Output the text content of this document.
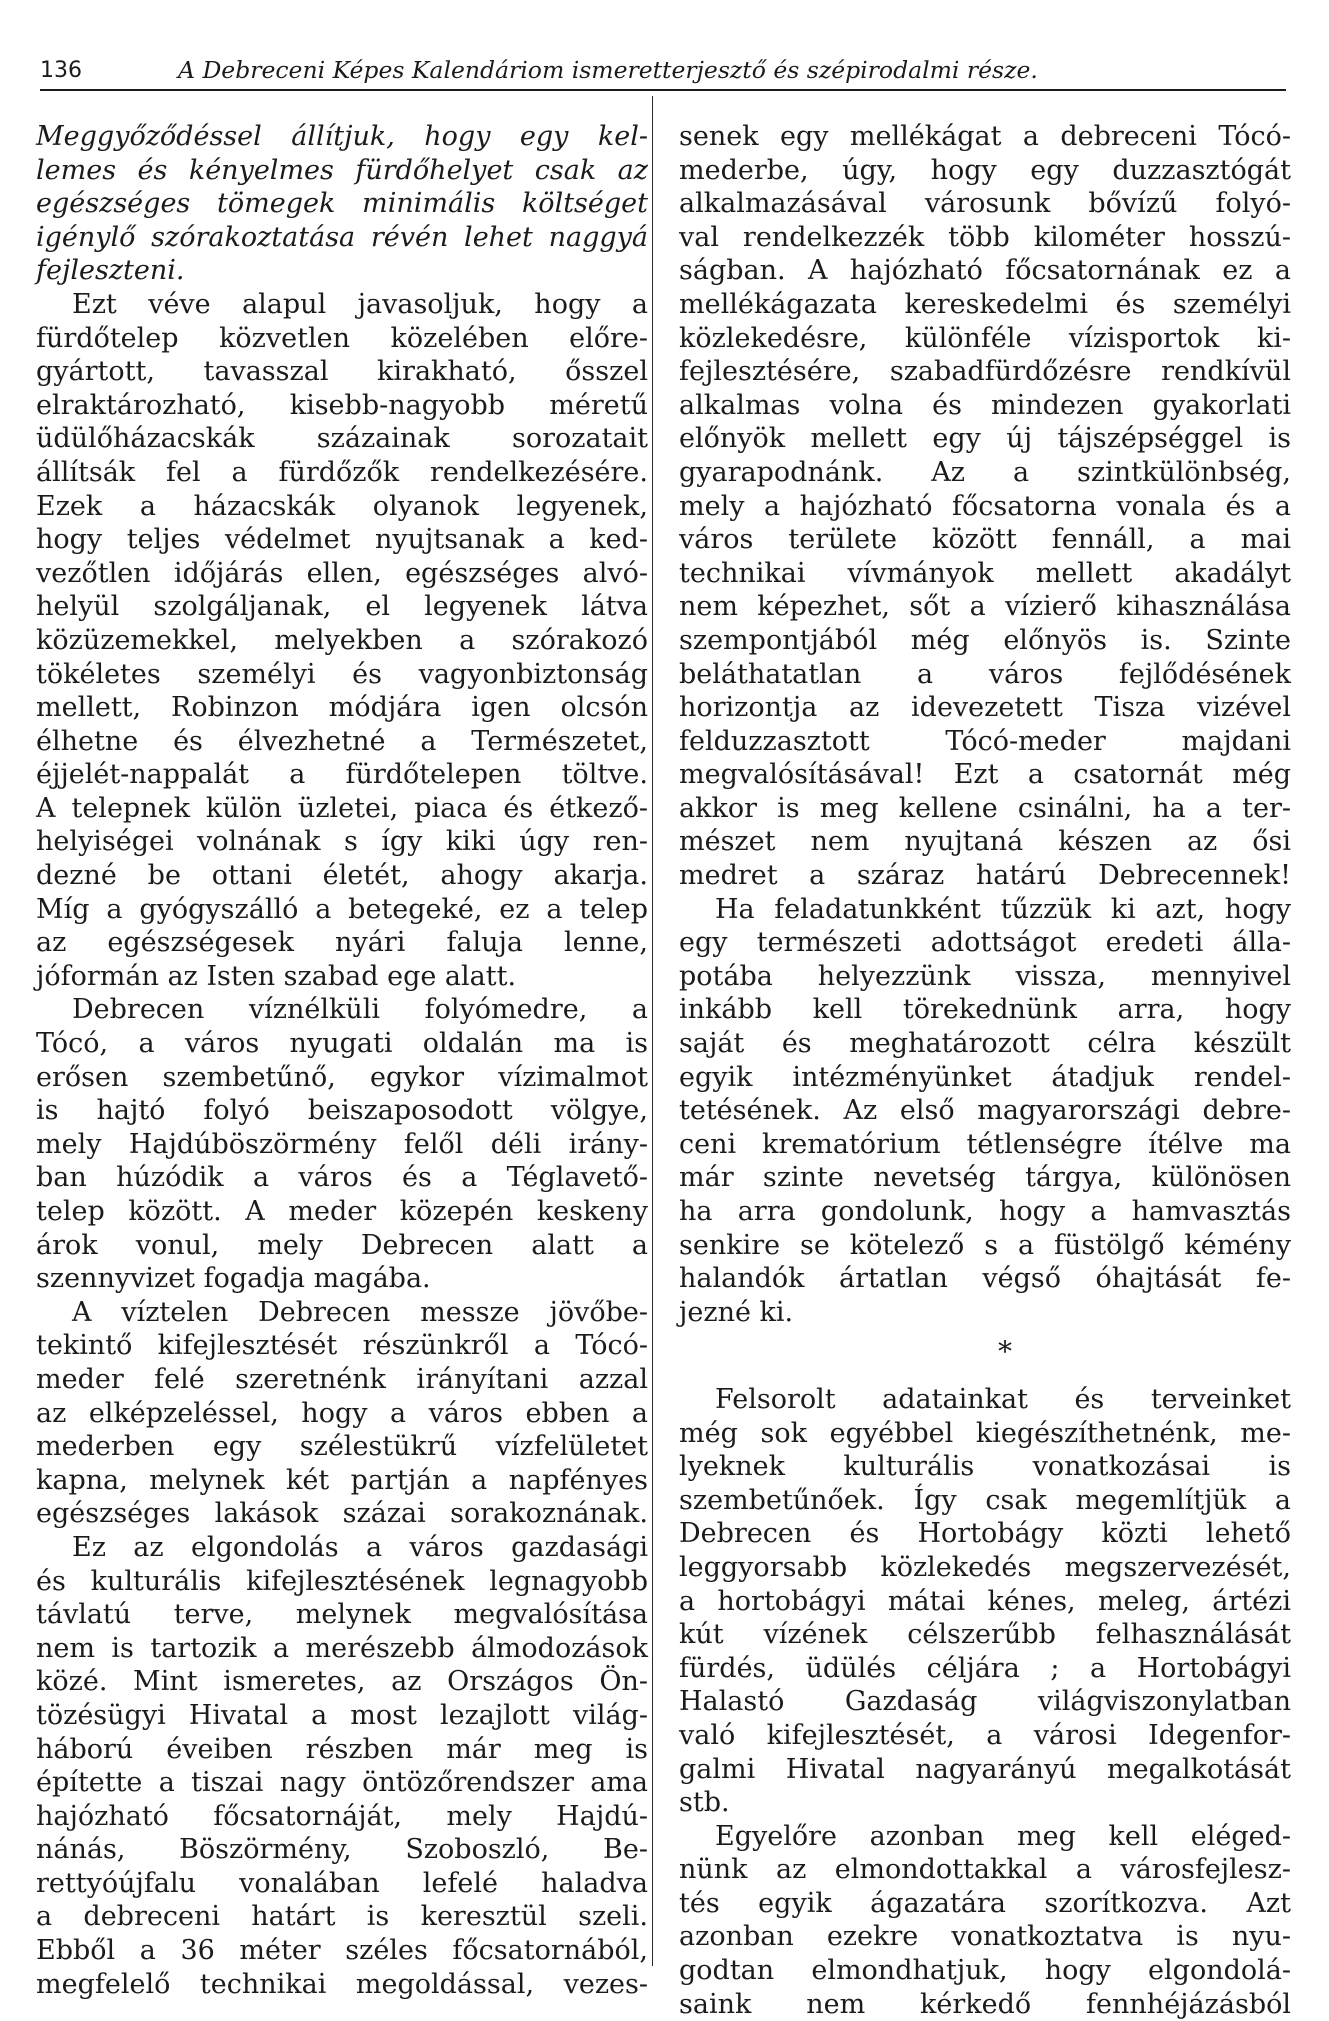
136	A Debreceni Képes Kalendáriom ismeretterjesztő és szépirodalmi része.
Meggyőződéssel állítjuk, hogy egy kel-
lemes és kényelmes fürdőhelyet csak az
egészséges tömegek minimális költséget
igénylő szórakoztatása révén lehet naggyá
fejleszteni.
Ezt véve alapul javasoljuk, hogy a
fürdőtelep közvetlen közelében előre-
gyártott, tavasszal kirakható, ősszel
elraktározható, kisebb-nagyobb méretű
üdülőházacskák százainak sorozatait
állítsák fel a fürdőzők rendelkezésére.
Ezek a házacskák olyanok legyenek,
hogy teljes védelmet nyujtsanak a ked-
vezőtlen időjárás ellen, egészséges alvó-
helyül szolgáljanak, el legyenek látva
közüzemekkel, melyekben a szórakozó
tökéletes személyi és vagyonbiztonság
mellett, Robinzon módjára igen olcsón
élhetne és élvezhetné a Természetet,
éjjelét-nappalát a fürdőtelepen töltve.
A telepnek külön üzletei, piaca és étkező-
helyiségei volnának s így kiki úgy ren-
dezné be ottani életét, ahogy akarja.
Míg a gyógyszálló a betegeké, ez a telep
az egészségesek nyári faluja lenne,
jóformán az Isten szabad ege alatt.
Debrecen víznélküli folyómedre, a
Tócó, a város nyugati oldalán ma is
erősen szembetűnő, egykor vízimalmot
is hajtó folyó beiszaposodott völgye,
mely Hajdúböszörmény felől déli irány-
ban húzódik a város és a Téglavető-
telep között. A meder közepén keskeny
árok vonul, mely Debrecen alatt a
szennyvizet fogadja magába.
A víztelen Debrecen messze jövőbe-
tekintő kifejlesztését részünkről a Tócó-
meder felé szeretnénk irányítani azzal
az elképzeléssel, hogy a város ebben a
mederben egy szélestükrű vízfelületet
kapna, melynek két partján a napfényes
egészséges lakások százai sorakoznának.
Ez az elgondolás a város gazdasági
és kulturális kifejlesztésének legnagyobb
távlatú terve, melynek megvalósítása
nem is tartozik a merészebb álmodozások
közé. Mint ismeretes, az Országos Ön-
tözésügyi Hivatal a most lezajlott világ-
háború éveiben részben már meg is
építette a tiszai nagy öntözőrendszer ama
hajózható főcsatornáját, mely Hajdú-
nánás, Böszörmény, Szoboszló, Be-
rettyóújfalu vonalában lefelé haladva
a debreceni határt is keresztül szeli.
Ebből a 36 méter széles főcsatornából,
megfelelő technikai megoldással, vezes-
senek egy mellékágat a debreceni Tócó-
mederbe, úgy, hogy egy duzzasztógát
alkalmazásával városunk bővízű folyó-
val rendelkezzék több kilométer hosszú-
ságban. A hajózható főcsatornának ez a
mellékágazata kereskedelmi és személyi
közlekedésre, különféle vízisportok ki-
fejlesztésére, szabadfürdőzésre rendkívül
alkalmas volna és mindezen gyakorlati
előnyök mellett egy új tájszépséggel is
gyarapodnánk. Az a szintkülönbség,
mely a hajózható főcsatorna vonala és a
város területe között fennáll, a mai
technikai vívmányok mellett akadályt
nem képezhet, sőt a vízierő kihasználása
szempontjából még előnyös is. Szinte
beláthatatlan a város fejlődésének
horizontja az idevezetett Tisza vizével
felduzzasztott Tócó-meder majdani
megvalósításával! Ezt a csatornát még
akkor is meg kellene csinálni, ha a ter-
mészet nem nyujtaná készen az ősi
medret a száraz határú Debrecennek!
Ha feladatunkként tűzzük ki azt, hogy
egy természeti adottságot eredeti álla-
potába helyezzünk vissza, mennyivel
inkább kell törekednünk arra, hogy
saját és meghatározott célra készült
egyik intézményünket átadjuk rendel-
tetésének. Az első magyarországi debre-
ceni krematórium tétlenségre ítélve ma
már szinte nevetség tárgya, különösen
ha arra gondolunk, hogy a hamvasztás
senkire se kötelező s a füstölgő kémény
halandók ártatlan végső óhajtását fe-
jezné ki.
*
Felsorolt adatainkat és terveinket
még sok egyébbel kiegészíthetnénk, me-
lyeknek kulturális vonatkozásai is
szembetűnőek. Így csak megemlítjük a
Debrecen és Hortobágy közti lehető
leggyorsabb közlekedés megszervezését,
a hortobágyi mátai kénes, meleg, ártézi
kút vízének célszerűbb felhasználását
fürdés, üdülés céljára ; a Hortobágyi
Halastó Gazdaság világviszonylatban
való kifejlesztését, a városi Idegenfor-
galmi Hivatal nagyarányú megalkotását
stb.
Egyelőre azonban meg kell eléged-
nünk az elmondottakkal a városfejlesz-
tés egyik ágazatára szorítkozva. Azt
azonban ezekre vonatkoztatva is nyu-
godtan elmondhatjuk, hogy elgondolá-
saink nem kérkedő fennhéjázásból
